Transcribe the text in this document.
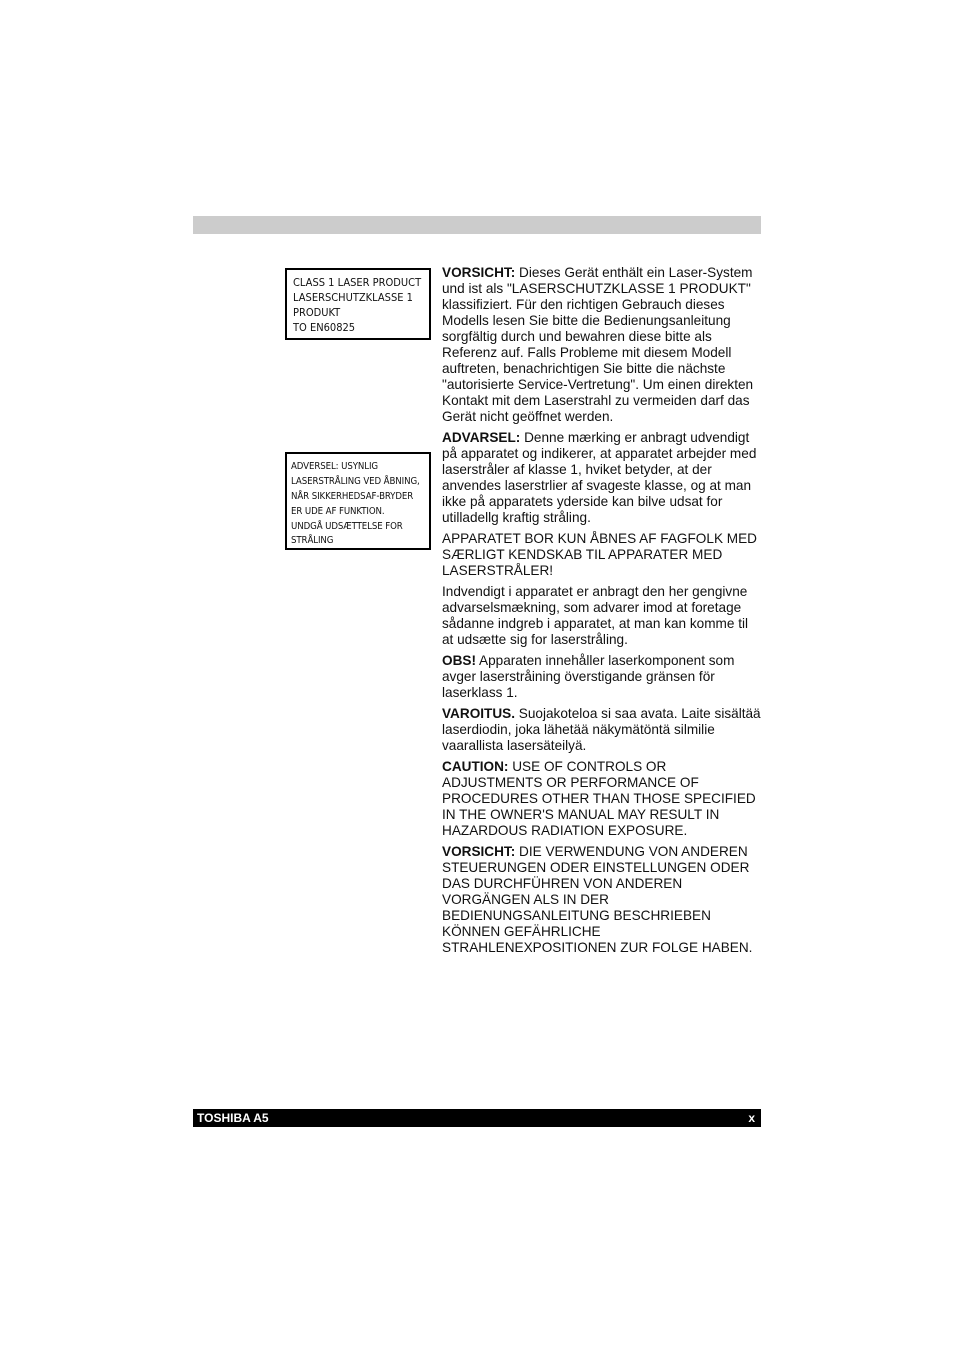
CLASS 1 LASER PRODUCT
LASERSCHUTZKLASSE 1
PRODUKT
TO EN60825
ADVERSEL: USYNLIG
LASERSTRÅLING VED ÅBNING,
NÅR SIKKERHEDSAF-BRYDER
ER UDE AF FUNKTION.
UNDGÅ UDSÆTTELSE FOR
STRÅLING

VORSICHT: Dieses Gerät enthält ein Laser-System und ist als "LASERSCHUTZKLASSE 1 PRODUKT" klassifiziert. Für den richtigen Gebrauch dieses Modells lesen Sie bitte die Bedienungsanleitung sorgfältig durch und bewahren diese bitte als Referenz auf. Falls Probleme mit diesem Modell auftreten, benachrichtigen Sie bitte die nächste "autorisierte Service-Vertretung". Um einen direkten Kontakt mit dem Laserstrahl zu vermeiden darf das Gerät nicht geöffnet werden.

ADVARSEL: Denne mærking er anbragt udvendigt på apparatet og indikerer, at apparatet arbejder med laserstråler af klasse 1, hviket betyder, at der anvendes laserstrlier af svageste klasse, og at man ikke på apparatets yderside kan bilve udsat for utilladellg kraftig stråling.

APPARATET BOR KUN ÅBNES AF FAGFOLK MED SÆRLIGT KENDSKAB TIL APPARATER MED LASERSTRÅLER!

Indvendigt i apparatet er anbragt den her gengivne advarselsmækning, som advarer imod at foretage sådanne indgreb i apparatet, at man kan komme til at udsætte sig for laserstråling.

OBS! Apparaten innehåller laserkomponent som avger laserstråining överstigande gränsen för laserklass 1.

VAROITUS. Suojakoteloa si saa avata. Laite sisältää laserdiodin, joka lähetää näkymätöntä silmilie vaarallista lasersäteilyä.

CAUTION: USE OF CONTROLS OR ADJUSTMENTS OR PERFORMANCE OF PROCEDURES OTHER THAN THOSE SPECIFIED IN THE OWNER'S MANUAL MAY RESULT IN HAZARDOUS RADIATION EXPOSURE.

VORSICHT: DIE VERWENDUNG VON ANDEREN STEUERUNGEN ODER EINSTELLUNGEN ODER DAS DURCHFÜHREN VON ANDEREN VORGÄNGEN ALS IN DER BEDIENUNGSANLEITUNG BESCHRIEBEN KÖNNEN GEFÄHRLICHE STRAHLENEXPOSITIONEN ZUR FOLGE HABEN.

TOSHIBA A5	x
